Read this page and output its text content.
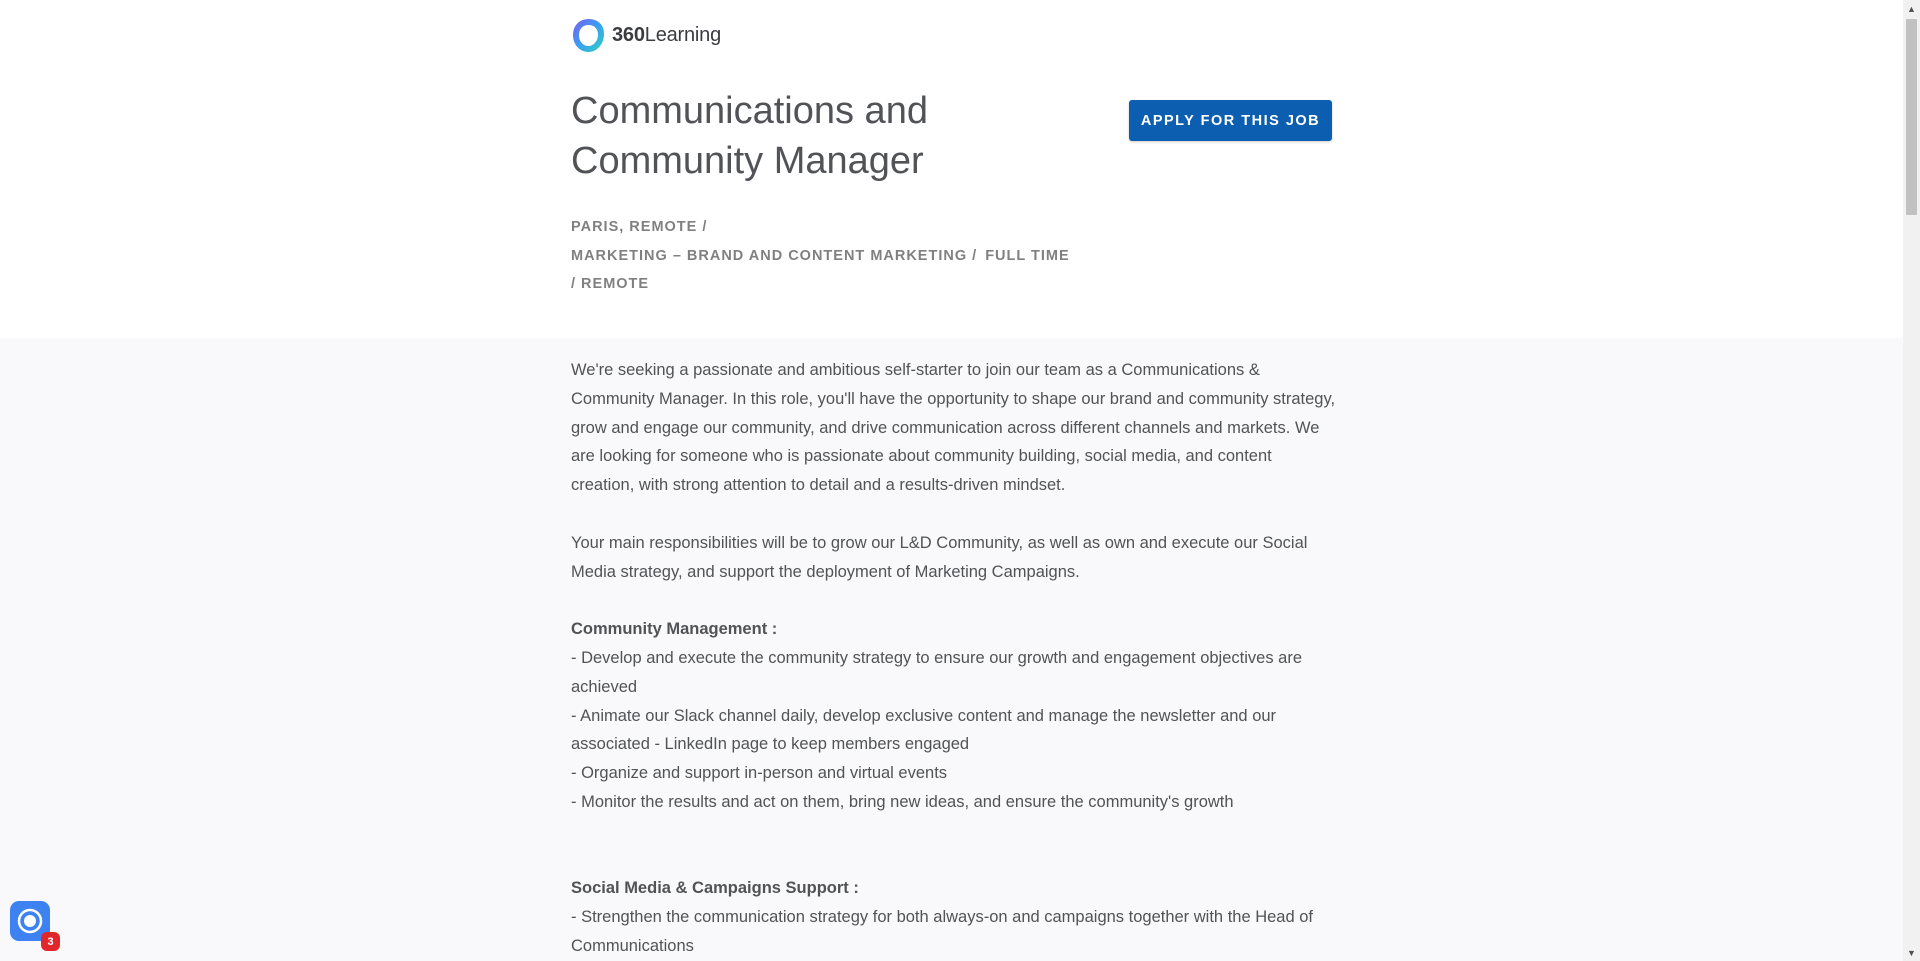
360Learning
Communications and Community Manager
APPLY FOR THIS JOB
PARIS, REMOTE /
MARKETING – BRAND AND CONTENT MARKETING / FULL TIME
/ REMOTE

We're seeking a passionate and ambitious self-starter to join our team as a Communications & Community Manager. In this role, you'll have the opportunity to shape our brand and community strategy, grow and engage our community, and drive communication across different channels and markets. We are looking for someone who is passionate about community building, social media, and content creation, with strong attention to detail and a results-driven mindset.

Your main responsibilities will be to grow our L&D Community, as well as own and execute our Social Media strategy, and support the deployment of Marketing Campaigns.

Community Management :

- Develop and execute the community strategy to ensure our growth and engagement objectives are achieved

- Animate our Slack channel daily, develop exclusive content and manage the newsletter and our associated - LinkedIn page to keep members engaged

- Organize and support in-person and virtual events

- Monitor the results and act on them, bring new ideas, and ensure the community's growth

Social Media & Campaigns Support :

- Strengthen the communication strategy for both always-on and campaigns together with the Head of Communications

▲
▼
3
